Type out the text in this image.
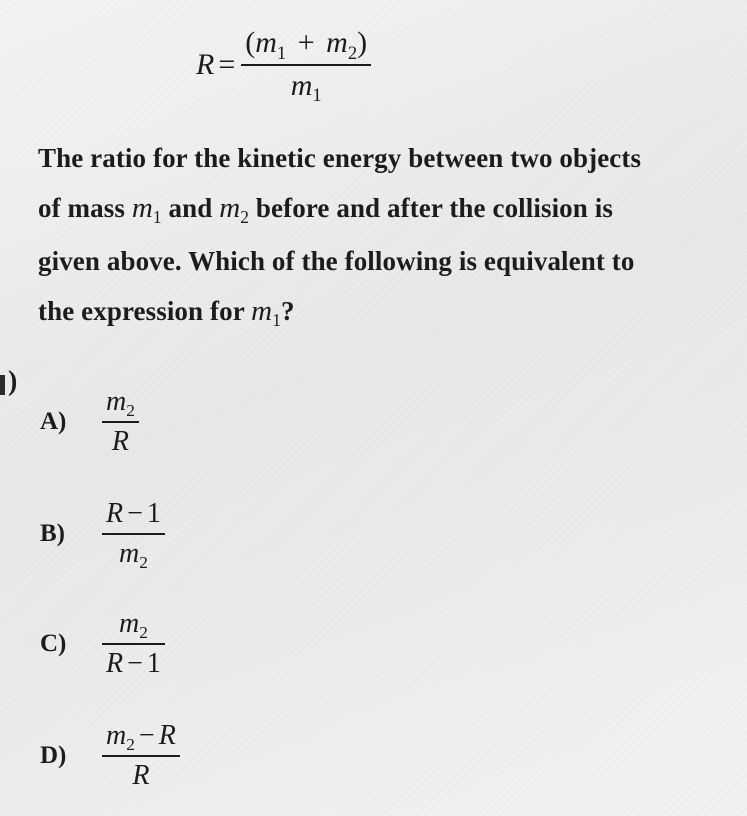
$R = \frac{(m_1 + m_2)}{m_1}$
The ratio for the kinetic energy between two objects
of mass $m_1$ and $m_2$ before and after the collision is
given above. Which of the following is equivalent to
the expression for $m_1$?
)
A)	$\frac{m_2}{R}$
B)	$\frac{R - 1}{m_2}$
C)	$\frac{m_2}{R - 1}$
D)	$\frac{m_2 - R}{R}$
